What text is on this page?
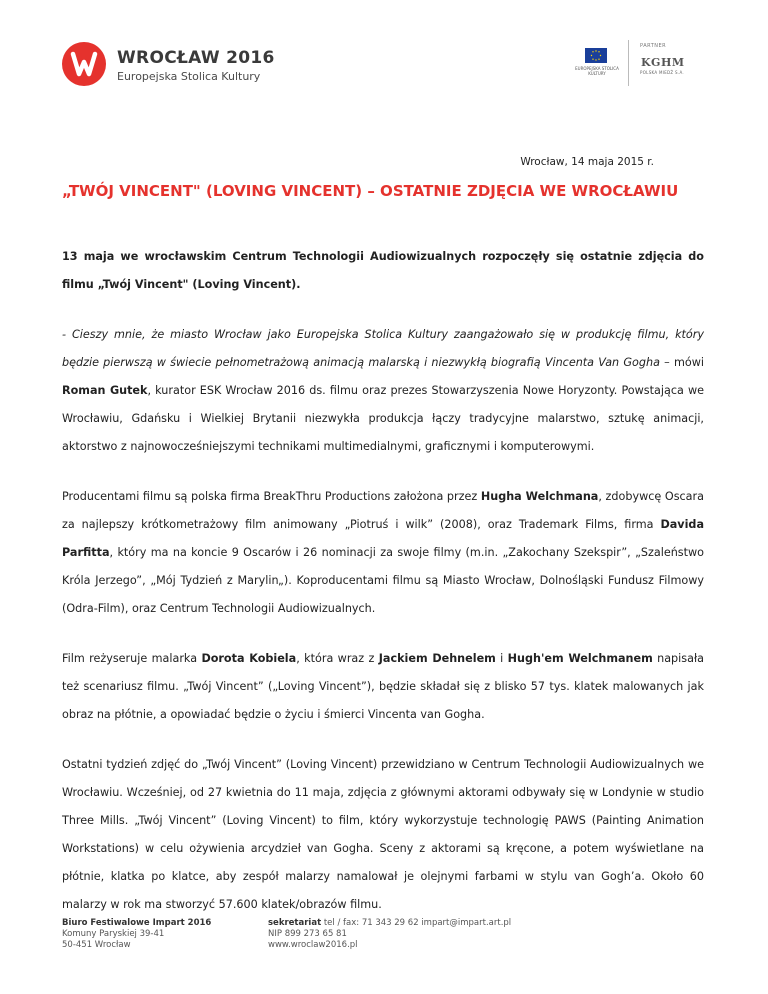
WROCŁAW 2016
Europejska Stolica Kultury
EUROPEJSKA STOLICA KULTURY
PARTNER
KGHM
POLSKA MIEDŹ S.A.
Wrocław, 14 maja 2015 r.
„TWÓJ VINCENT" (LOVING VINCENT) – OSTATNIE ZDJĘCIA WE WROCŁAWIU

13 maja we wrocławskim Centrum Technologii Audiowizualnych rozpoczęły się ostatnie zdjęcia do filmu „Twój Vincent" (Loving Vincent).

- Cieszy mnie, że miasto Wrocław jako Europejska Stolica Kultury zaangażowało się w produkcję filmu, który będzie pierwszą w świecie pełnometrażową animacją malarską i niezwykłą biografią Vincenta Van Gogha – mówi Roman Gutek, kurator ESK Wrocław 2016 ds. filmu oraz prezes Stowarzyszenia Nowe Horyzonty. Powstająca we Wrocławiu, Gdańsku i Wielkiej Brytanii niezwykła produkcja łączy tradycyjne malarstwo, sztukę animacji, aktorstwo z najnowocześniejszymi technikami multimedialnymi, graficznymi i komputerowymi.

Producentami filmu są polska firma BreakThru Productions założona przez Hugha Welchmana, zdobywcę Oscara za najlepszy krótkometrażowy film animowany „Piotruś i wilk” (2008), oraz Trademark Films, firma Davida Parfitta, który ma na koncie 9 Oscarów i 26 nominacji za swoje filmy (m.in. „Zakochany Szekspir”, „Szaleństwo Króla Jerzego”, „Mój Tydzień z Marylin„). Koproducentami filmu są Miasto Wrocław, Dolnośląski Fundusz Filmowy (Odra-Film), oraz Centrum Technologii Audiowizualnych.

Film reżyseruje malarka Dorota Kobiela, która wraz z Jackiem Dehnelem i Hugh'em Welchmanem napisała też scenariusz filmu. „Twój Vincent” („Loving Vincent”), będzie składał się z blisko 57 tys. klatek malowanych jak obraz na płótnie, a opowiadać będzie o życiu i śmierci Vincenta van Gogha.

Ostatni tydzień zdjęć do „Twój Vincent” (Loving Vincent) przewidziano w Centrum Technologii Audiowizualnych we Wrocławiu. Wcześniej, od 27 kwietnia do 11 maja, zdjęcia z głównymi aktorami odbywały się w Londynie w studio Three Mills. „Twój Vincent” (Loving Vincent) to film, który wykorzystuje technologię PAWS (Painting Animation Workstations) w celu ożywienia arcydzieł van Gogha. Sceny z aktorami są kręcone, a potem wyświetlane na płótnie, klatka po klatce, aby zespół malarzy namalował je olejnymi farbami w stylu van Gogh’a. Około 60 malarzy w rok ma stworzyć 57.600 klatek/obrazów filmu.

Biuro Festiwalowe Impart 2016
Komuny Paryskiej 39-41
50-451 Wrocław
sekretariat tel / fax: 71 343 29 62 impart@impart.art.pl
NIP 899 273 65 81
www.wroclaw2016.pl
